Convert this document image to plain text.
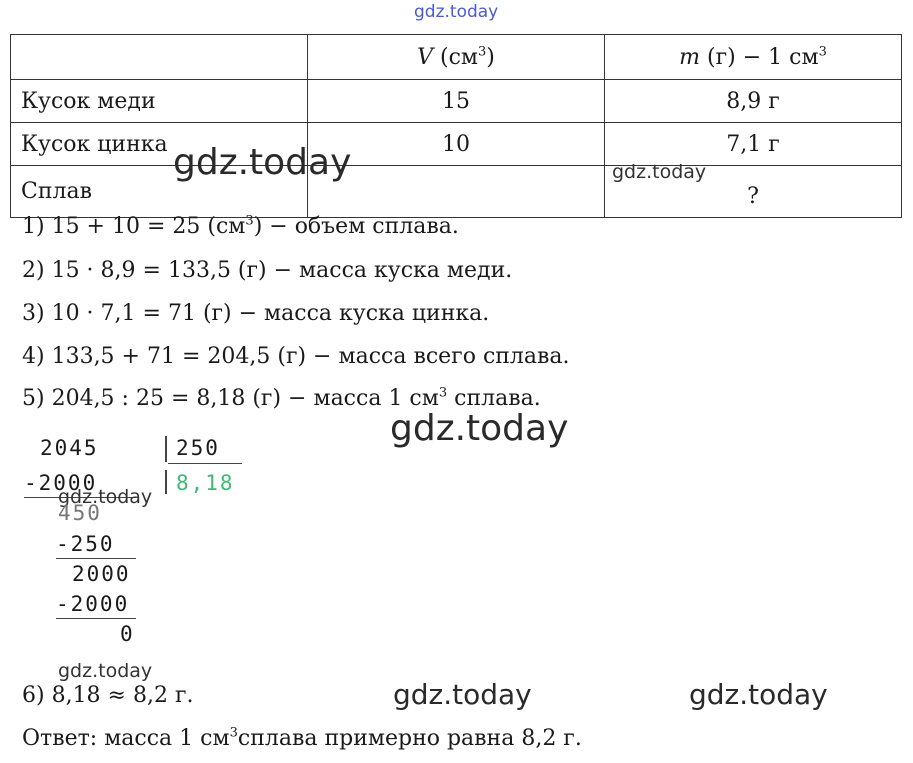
gdz.today
	V $(см^3)$	m (г) − 1 $см^3$
Кусок меди	15	8,9 г
Кусок цинка	10	7,1 г
Сплав		?
gdz.today	gdz.today
1) 15 + 10 = 25 $(см^3)$ − объем сплава.
2) 15 · 8,9 = 133,5 (г) − масса куска меди.
3) 10 · 7,1 = 71 (г) − масса куска цинка.
4) 133,5 + 71 = 204,5 (г) − масса всего сплава.
5) 204,5 : 25 = 8,18 (г) − масса 1 $см^3$ сплава.
gdz.today
2045	250
8,18
-2000
gdz.today
450
-250
2000
-2000
0
gdz.today
6) 8,18 ≈ 8,2 г.	gdz.today	gdz.today
Ответ: масса 1 $см^3сплава$ примерно равна 8,2 г.
